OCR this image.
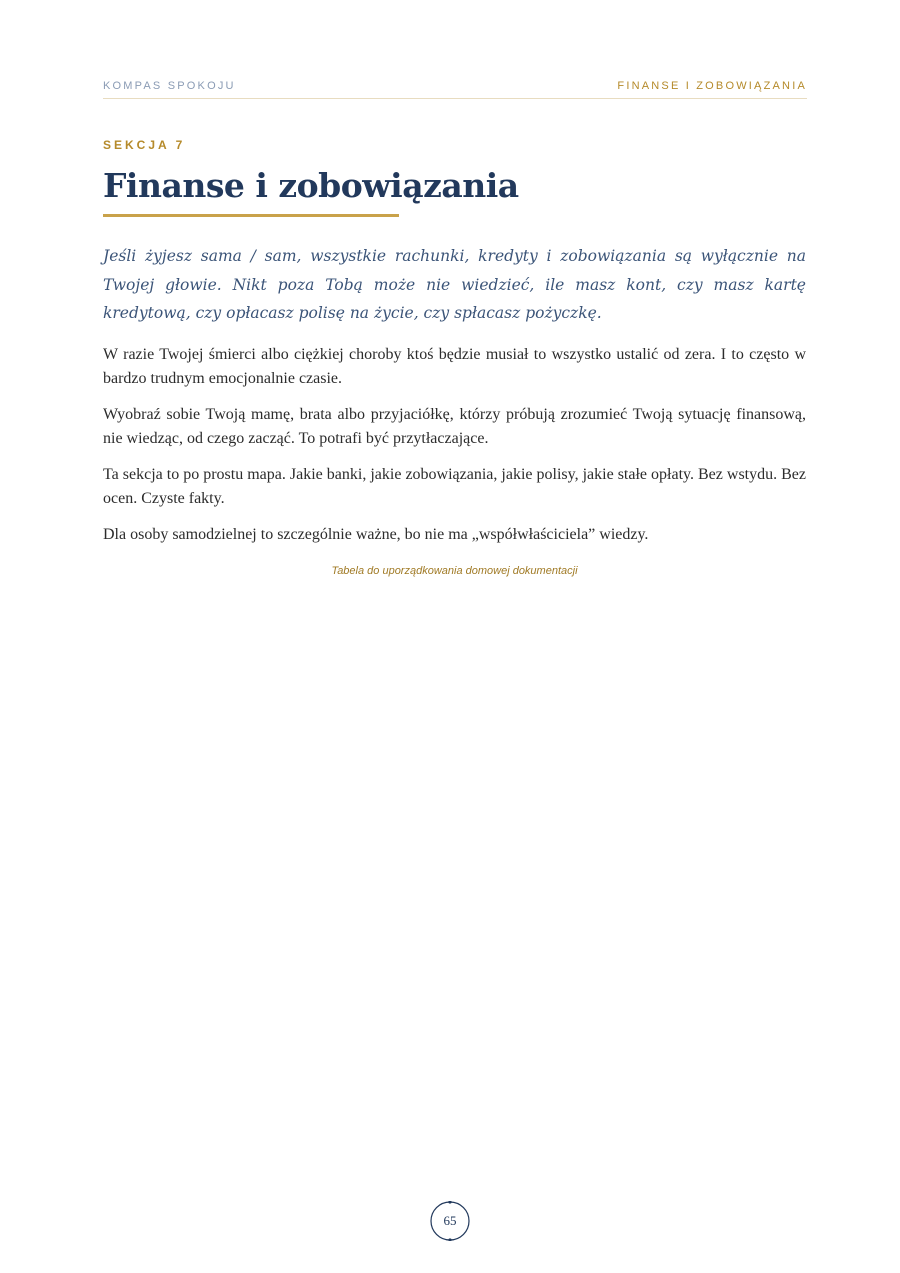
KOMPAS SPOKOJU	FINANSE I ZOBOWIĄZANIA
SEKCJA 7
Finanse i zobowiązania

Jeśli żyjesz sama / sam, wszystkie rachunki, kredyty i zobowiązania są wyłącznie na Twojej głowie. Nikt poza Tobą może nie wiedzieć, ile masz kont, czy masz kartę kredytową, czy opłacasz polisę na życie, czy spłacasz pożyczkę.

W razie Twojej śmierci albo ciężkiej choroby ktoś będzie musiał to wszystko ustalić od zera. I to często w bardzo trudnym emocjonalnie czasie.

Wyobraź sobie Twoją mamę, brata albo przyjaciółkę, którzy próbują zrozumieć Twoją sytuację finansową, nie wiedząc, od czego zacząć. To potrafi być przytłaczające.

Ta sekcja to po prostu mapa. Jakie banki, jakie zobowiązania, jakie polisy, jakie stałe opłaty. Bez wstydu. Bez ocen. Czyste fakty.

Dla osoby samodzielnej to szczególnie ważne, bo nie ma „współwłaściciela” wiedzy.

Tabela do uporządkowania domowej dokumentacji
65
